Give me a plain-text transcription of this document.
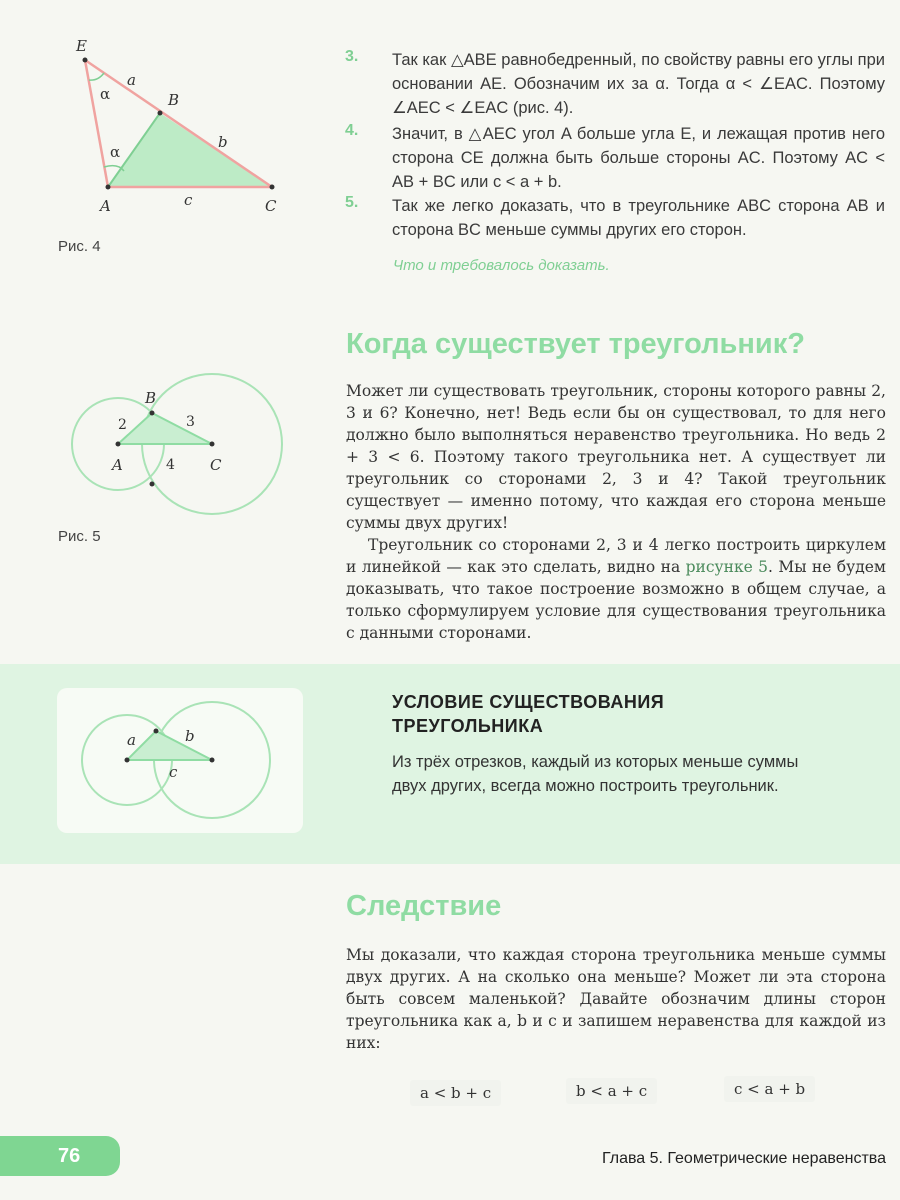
E
B
A	C
a
b
c
α
α
Рис. 4
3.	Так как △ABE равнобедренный, по свойству равны его углы при основании AE. Обозначим их за α. Тогда α < ∠EAC. Поэтому ∠AEC < ∠EAC (рис. 4).
4.	Значит, в △AEC угол A больше угла E, и лежащая против него сторона CE должна быть больше стороны AC. Поэтому AC < AB + BC или c < a + b.
5.	Так же легко доказать, что в треугольнике ABC сторона AB и сторона BC меньше суммы других его сторон.
Что и требовалось доказать.
Когда существует треугольник?

Может ли существовать треугольник, стороны которого равны 2, 3 и 6? Конечно, нет! Ведь если бы он существовал, то для него должно было выполняться неравенство треугольника. Но ведь 2 + 3 < 6. Поэтому такого треугольника нет. А существует ли треугольник со сторонами 2, 3 и 4? Такой треугольник существует — именно потому, что каждая его сторона меньше суммы двух других!

Треугольник со сторонами 2, 3 и 4 легко построить циркулем и линейкой — как это сделать, видно на рисунке 5. Мы не будем доказывать, что такое построение возможно в общем случае, а только сформулируем условие для существования треугольника с данными сторонами.

B
A	C
2	3
4
Рис. 5
a	b
c
УСЛОВИЕ СУЩЕСТВОВАНИЯ
ТРЕУГОЛЬНИКА
Из трёх отрезков, каждый из которых меньше суммы двух других, всегда можно построить треугольник.
Следствие
Мы доказали, что каждая сторона треугольника меньше суммы двух других. А на сколько она меньше? Может ли эта сторона быть совсем маленькой? Давайте обозначим длины сторон треугольника как a, b и c и запишем неравенства для каждой из них:
a < b + c	b < a + c	c < a + b
76	Глава 5. Геометрические неравенства
